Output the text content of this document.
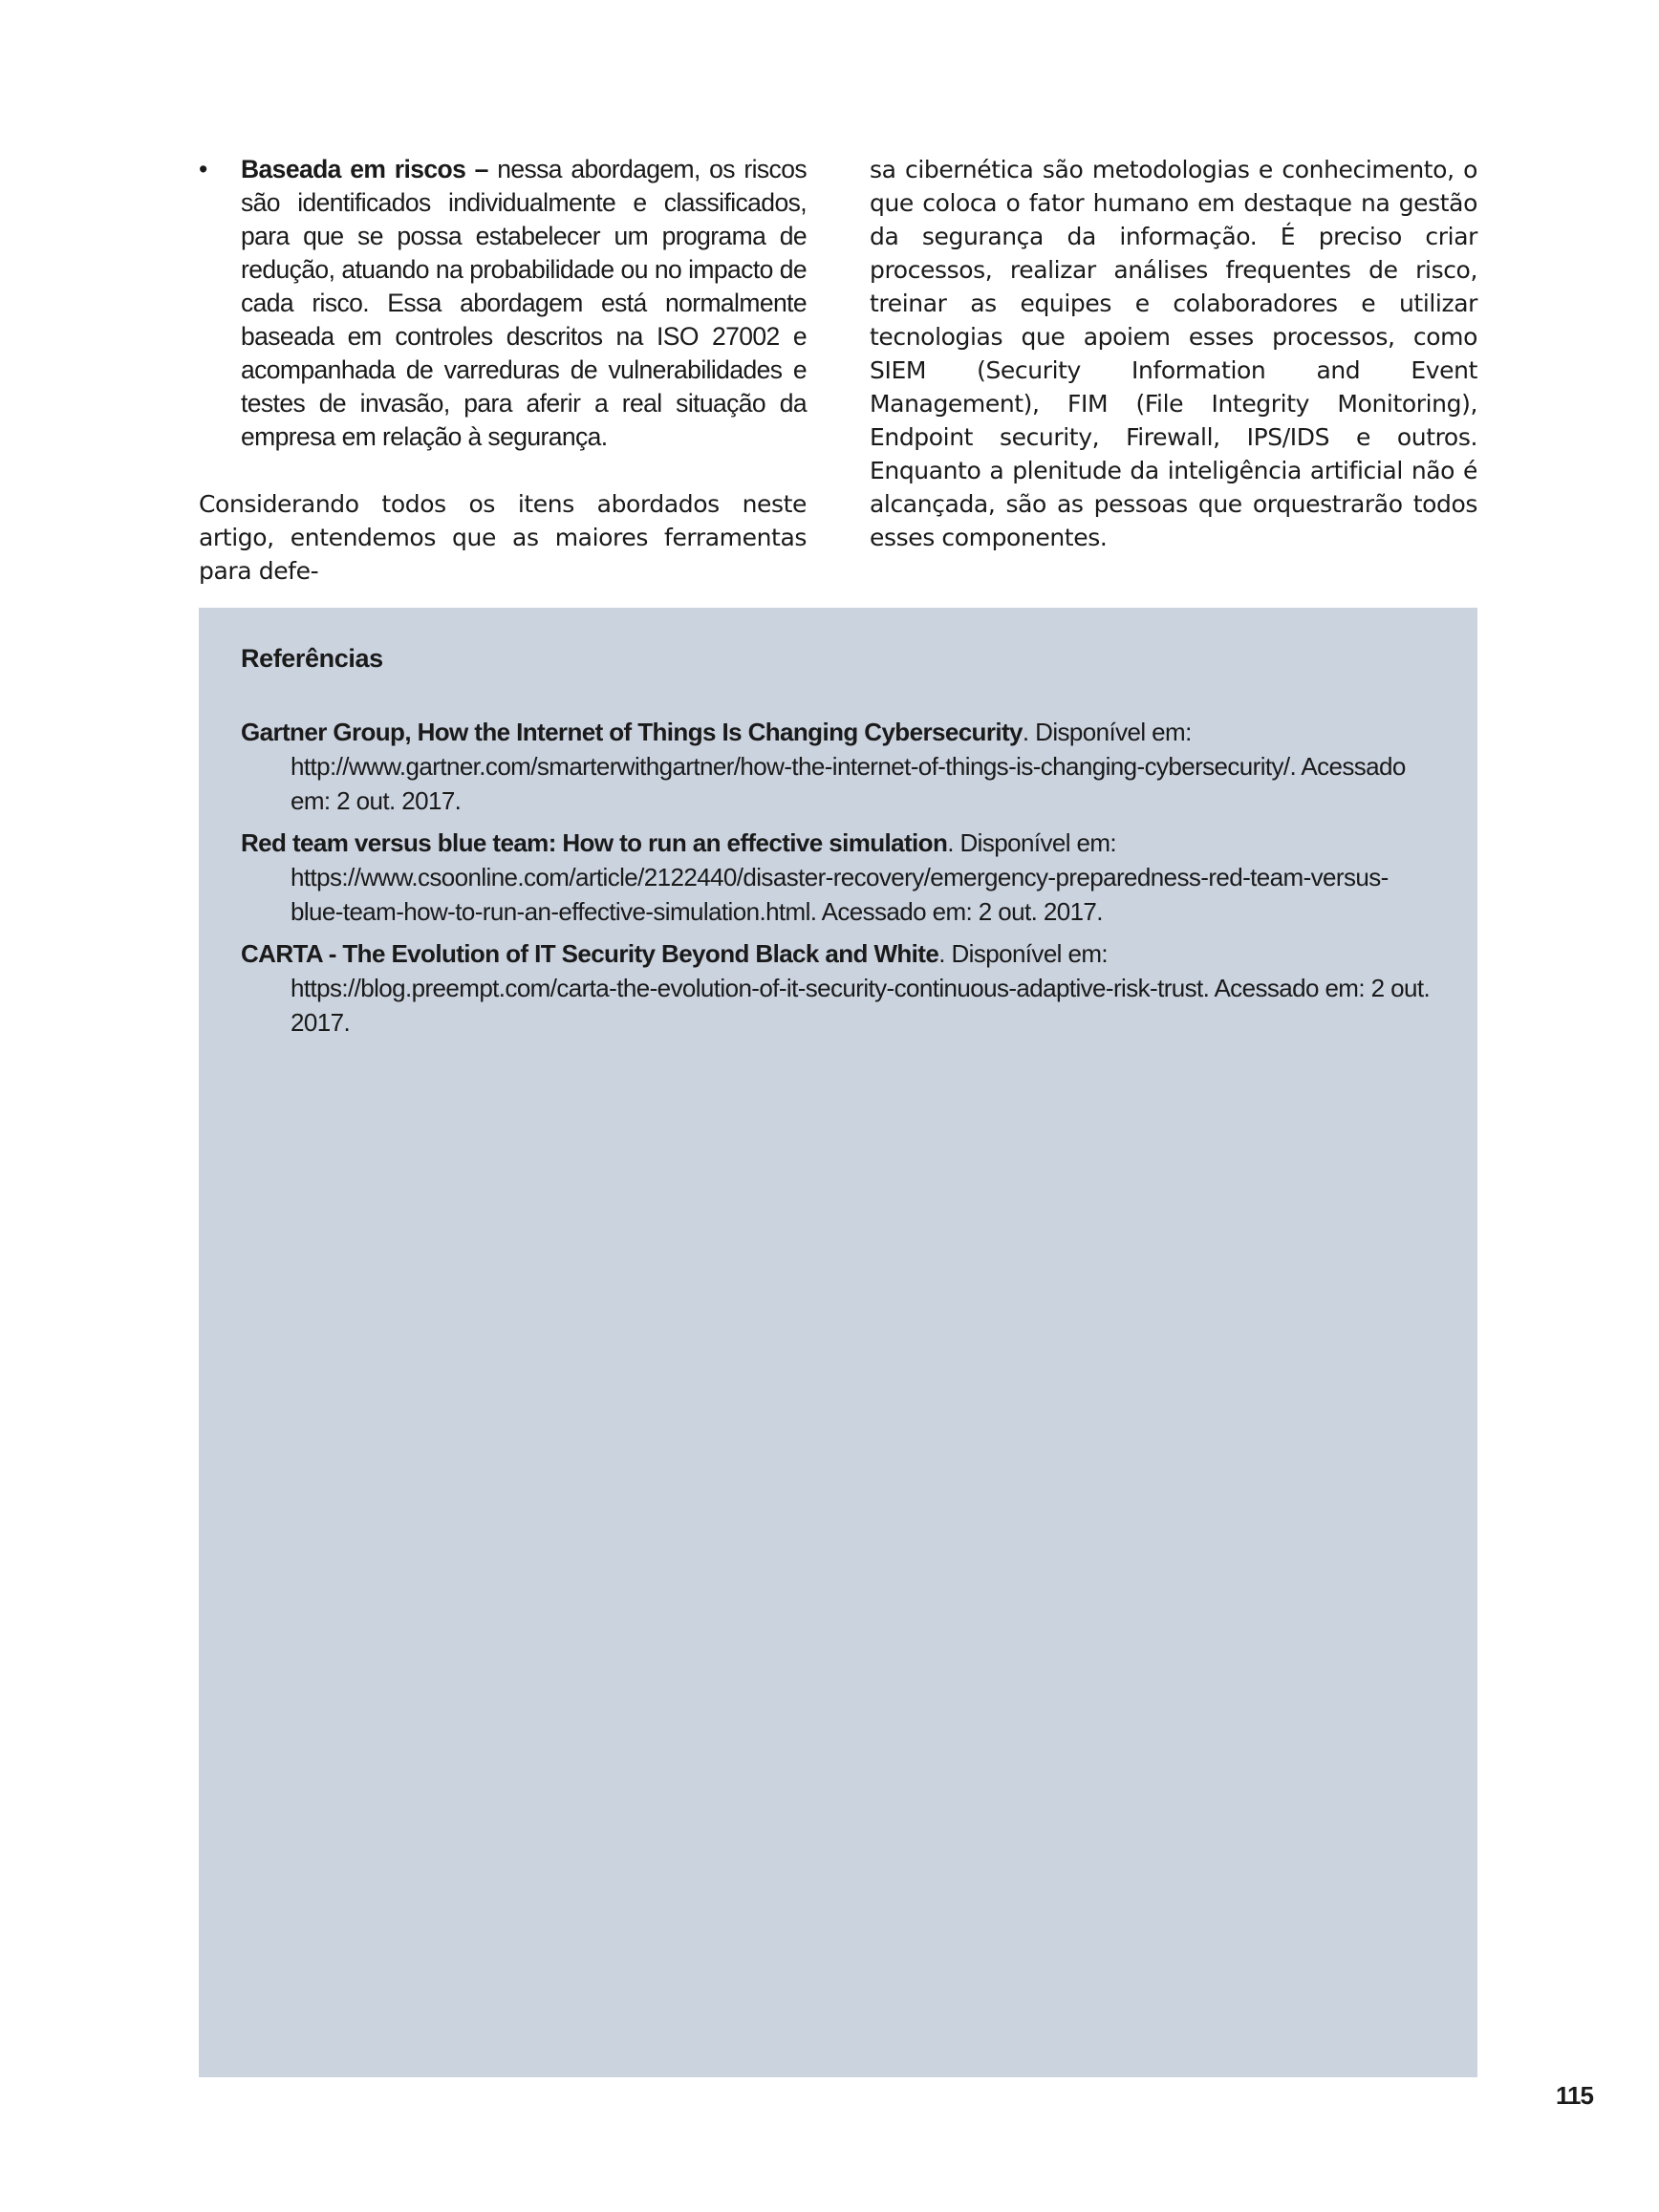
• Baseada em riscos – nessa abordagem, os riscos são identificados individualmente e classificados, para que se possa estabelecer um programa de redução, atuando na probabilidade ou no impacto de cada risco. Essa abordagem está normalmente baseada em controles descritos na ISO 27002 e acompanhada de varreduras de vulnerabilidades e testes de invasão, para aferir a real situação da empresa em relação à segurança.
Considerando todos os itens abordados neste artigo, entendemos que as maiores ferramentas para defe-
sa cibernética são metodologias e conhecimento, o que coloca o fator humano em destaque na gestão da segurança da informação. É preciso criar processos, realizar análises frequentes de risco, treinar as equipes e colaboradores e utilizar tecnologias que apoiem esses processos, como SIEM (Security Information and Event Management), FIM (File Integrity Monitoring), Endpoint security, Firewall, IPS/IDS e outros. Enquanto a plenitude da inteligência artificial não é alcançada, são as pessoas que orquestrarão todos esses componentes.
Referências
Gartner Group, How the Internet of Things Is Changing Cybersecurity. Disponível em: http://www.gartner.com/smarterwithgartner/how-the-internet-of-things-is-changing-cybersecurity/. Acessado em: 2 out. 2017.
Red team versus blue team: How to run an effective simulation. Disponível em: https://www.csoonline.com/article/2122440/disaster-recovery/emergency-preparedness-red-team-versus-blue-team-how-to-run-an-effective-simulation.html. Acessado em: 2 out. 2017.
CARTA - The Evolution of IT Security Beyond Black and White. Disponível em: https://blog.preempt.com/carta-the-evolution-of-it-security-continuous-adaptive-risk-trust. Acessado em: 2 out. 2017.
115
